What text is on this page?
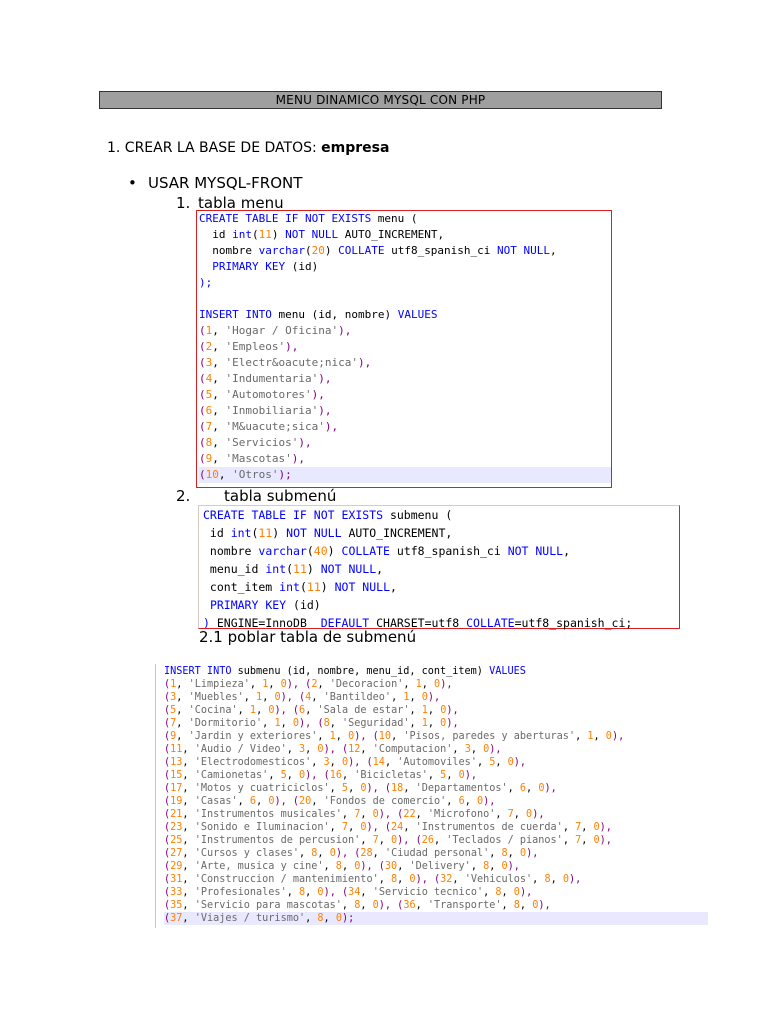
MENU DINAMICO MYSQL CON PHP
1. CREAR LA BASE DE DATOS: empresa
• USAR MYSQL-FRONT
1. tabla menu
CREATE TABLE IF NOT EXISTS menu (
id int(11) NOT NULL AUTO_INCREMENT,
nombre varchar(20) COLLATE utf8_spanish_ci NOT NULL,
PRIMARY KEY (id)
);
INSERT INTO menu (id, nombre) VALUES
(1, 'Hogar / Oficina'),
(2, 'Empleos'),
(3, 'Electr&oacute;nica'),
(4, 'Indumentaria'),
(5, 'Automotores'),
(6, 'Inmobiliaria'),
(7, 'M&uacute;sica'),
(8, 'Servicios'),
(9, 'Mascotas'),
(10, 'Otros');
2. tabla submenú
CREATE TABLE IF NOT EXISTS submenu (
id int(11) NOT NULL AUTO_INCREMENT,
nombre varchar(40) COLLATE utf8_spanish_ci NOT NULL,
menu_id int(11) NOT NULL,
cont_item int(11) NOT NULL,
PRIMARY KEY (id)
) ENGINE=InnoDB  DEFAULT CHARSET=utf8 COLLATE=utf8_spanish_ci;
2.1 poblar tabla de submenú
INSERT INTO submenu (id, nombre, menu_id, cont_item) VALUES
(1, 'Limpieza', 1, 0), (2, 'Decoracion', 1, 0),
(3, 'Muebles', 1, 0), (4, 'Bantildeo', 1, 0),
(5, 'Cocina', 1, 0), (6, 'Sala de estar', 1, 0),
(7, 'Dormitorio', 1, 0), (8, 'Seguridad', 1, 0),
(9, 'Jardin y exteriores', 1, 0), (10, 'Pisos, paredes y aberturas', 1, 0),
(11, 'Audio / Video', 3, 0), (12, 'Computacion', 3, 0),
(13, 'Electrodomesticos', 3, 0), (14, 'Automoviles', 5, 0),
(15, 'Camionetas', 5, 0), (16, 'Bicicletas', 5, 0),
(17, 'Motos y cuatriciclos', 5, 0), (18, 'Departamentos', 6, 0),
(19, 'Casas', 6, 0), (20, 'Fondos de comercio', 6, 0),
(21, 'Instrumentos musicales', 7, 0), (22, 'Microfono', 7, 0),
(23, 'Sonido e Iluminacion', 7, 0), (24, 'Instrumentos de cuerda', 7, 0),
(25, 'Instrumentos de percusion', 7, 0), (26, 'Teclados / pianos', 7, 0),
(27, 'Cursos y clases', 8, 0), (28, 'Ciudad personal', 8, 0),
(29, 'Arte, musica y cine', 8, 0), (30, 'Delivery', 8, 0),
(31, 'Construccion / mantenimiento', 8, 0), (32, 'Vehiculos', 8, 0),
(33, 'Profesionales', 8, 0), (34, 'Servicio tecnico', 8, 0),
(35, 'Servicio para mascotas', 8, 0), (36, 'Transporte', 8, 0),
(37, 'Viajes / turismo', 8, 0);
